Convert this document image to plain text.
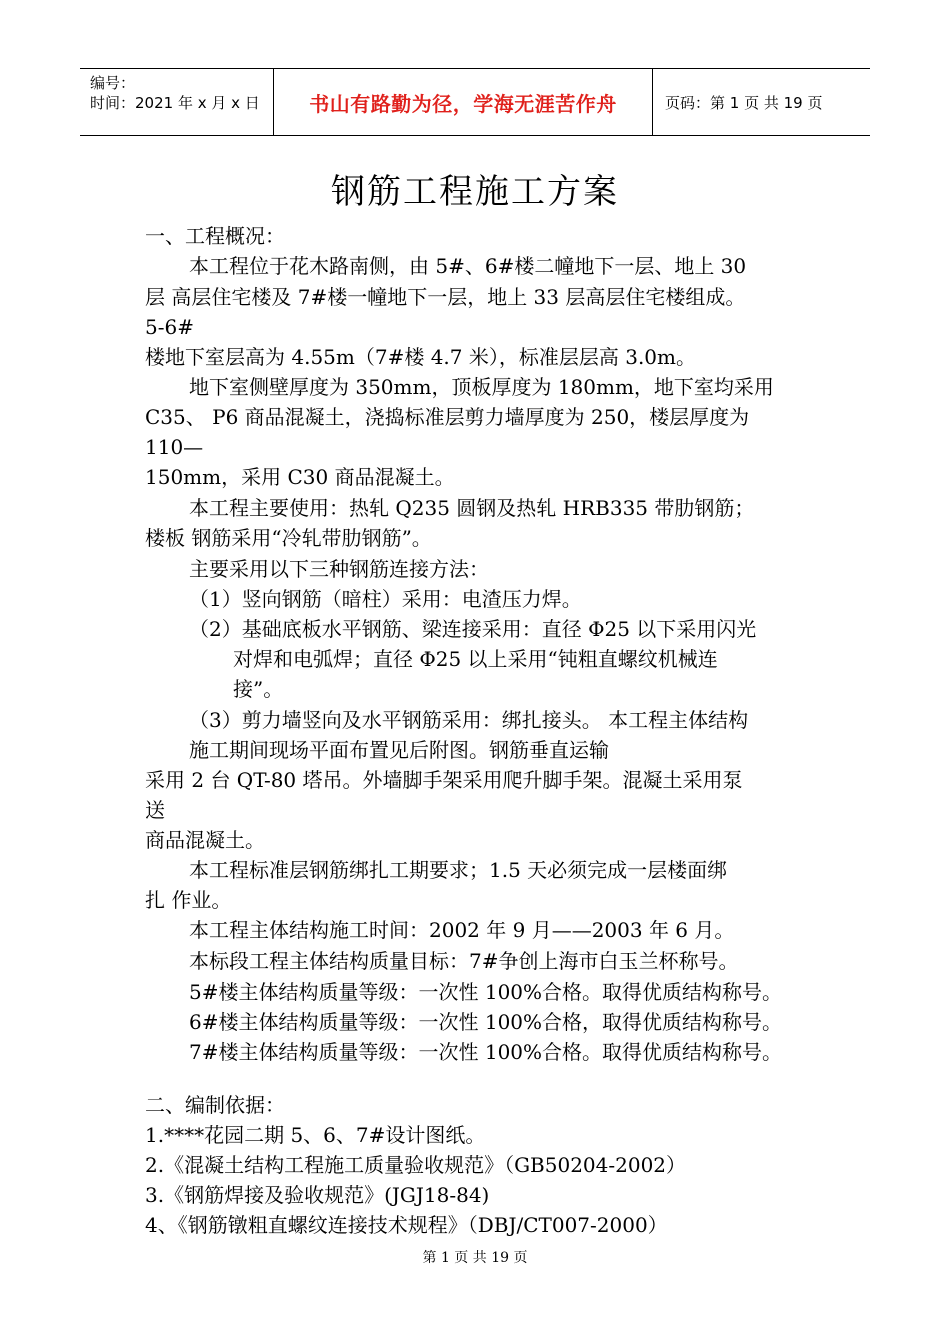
编号：
时间：2021 年 x 月 x 日	书山有路勤为径，学海无涯苦作舟	页码：第 1 页 共 19 页
钢筋工程施工方案
一、工程概况：
本工程位于花木路南侧，由 5#、6#楼二幢地下一层、地上 30
层 高层住宅楼及 7#楼一幢地下一层，地上 33 层高层住宅楼组成。
5-6#
楼地下室层高为 4.55m（7#楼 4.7 米），标准层层高 3.0m。
地下室侧壁厚度为 350mm，顶板厚度为 180mm，地下室均采用
C35、 P6 商品混凝土，浇捣标准层剪力墙厚度为 250，楼层厚度为
110—
150mm，采用 C30 商品混凝土。
本工程主要使用：热轧 Q235 圆钢及热轧 HRB335 带肋钢筋；
楼板 钢筋采用“冷轧带肋钢筋”。
主要采用以下三种钢筋连接方法：
（1）竖向钢筋（暗柱）采用：电渣压力焊。
（2）基础底板水平钢筋、梁连接采用：直径 Φ25 以下采用闪光
对焊和电弧焊；直径 Φ25 以上采用“钝粗直螺纹机械连
接”。
（3）剪力墙竖向及水平钢筋采用：绑扎接头。 本工程主体结构
施工期间现场平面布置见后附图。钢筋垂直运输
采用 2 台 QT-80 塔吊。外墙脚手架采用爬升脚手架。混凝土采用泵
送
商品混凝土。
本工程标准层钢筋绑扎工期要求；1.5 天必须完成一层楼面绑
扎 作业。
本工程主体结构施工时间：2002 年 9 月——2003 年 6 月。
本标段工程主体结构质量目标：7#争创上海市白玉兰杯称号。
5#楼主体结构质量等级：一次性 100%合格。取得优质结构称号。
6#楼主体结构质量等级：一次性 100%合格，取得优质结构称号。
7#楼主体结构质量等级：一次性 100%合格。取得优质结构称号。
二、编制依据：
1.****花园二期 5、6、7#设计图纸。
2.《混凝土结构工程施工质量验收规范》（GB50204-2002）
3.《钢筋焊接及验收规范》(JGJ18-84)
4、《钢筋镦粗直螺纹连接技术规程》（DBJ/CT007-2000）
第 1 页 共 19 页
